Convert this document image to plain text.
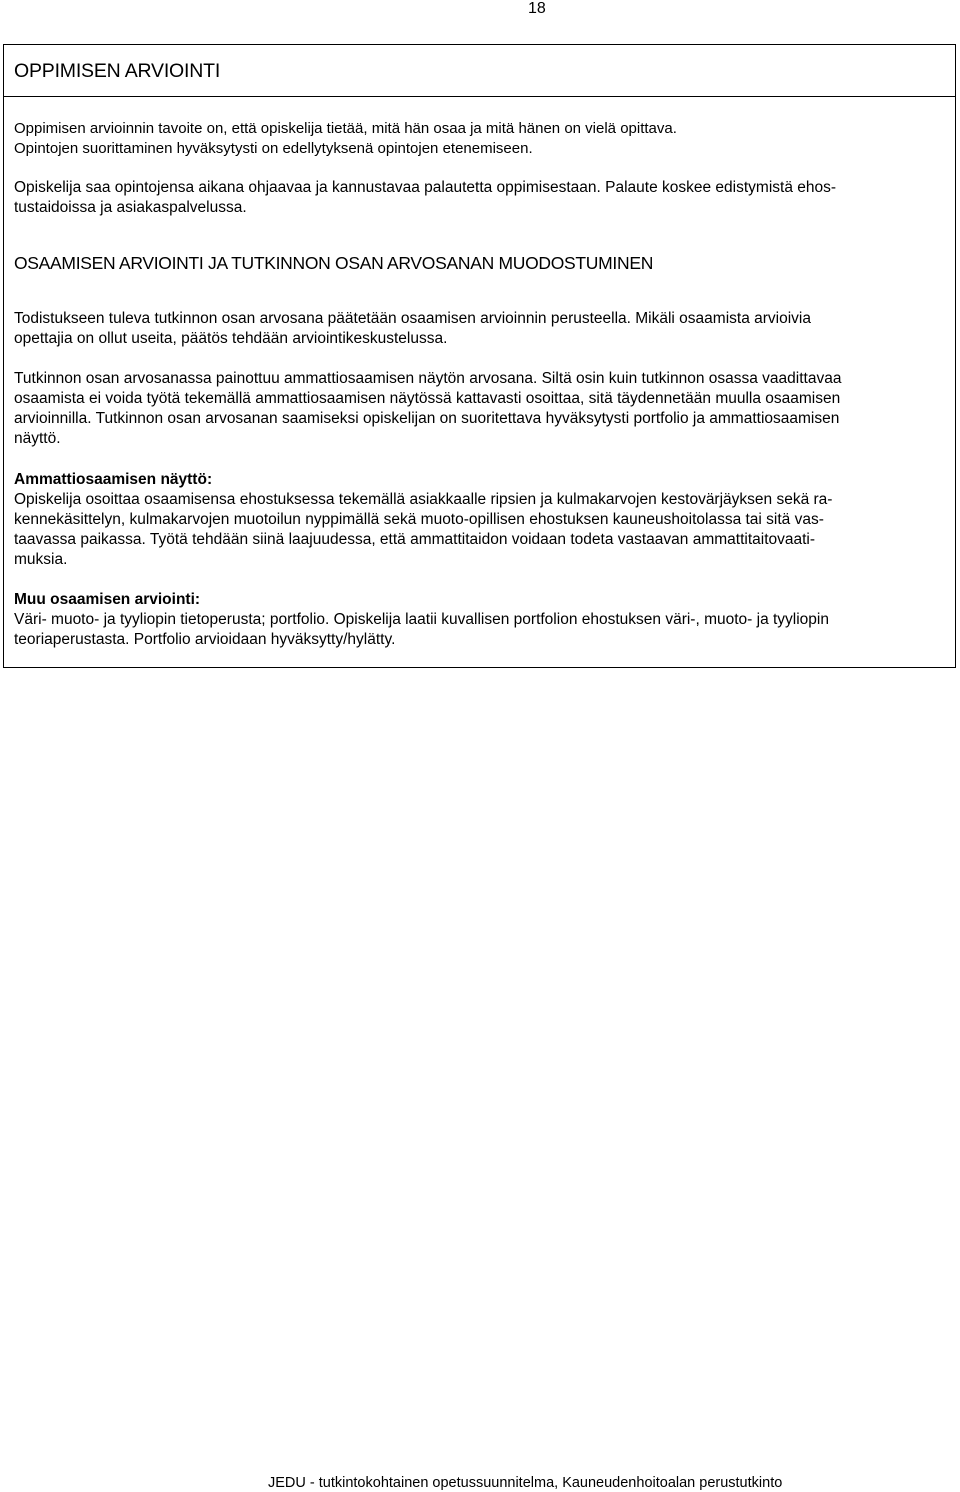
18
OPPIMISEN ARVIOINTI

Oppimisen arvioinnin tavoite on, että opiskelija tietää, mitä hän osaa ja mitä hänen on vielä opittava.
Opintojen suorittaminen hyväksytysti on edellytyksenä opintojen etenemiseen.

Opiskelija saa opintojensa aikana ohjaavaa ja kannustavaa palautetta oppimisestaan. Palaute koskee edistymistä ehos-
tustaidoissa ja asiakaspalvelussa.

OSAAMISEN ARVIOINTI JA TUTKINNON OSAN ARVOSANAN MUODOSTUMINEN

Todistukseen tuleva tutkinnon osan arvosana päätetään osaamisen arvioinnin perusteella. Mikäli osaamista arvioivia
opettajia on ollut useita, päätös tehdään arviointikeskustelussa.

Tutkinnon osan arvosanassa painottuu ammattiosaamisen näytön arvosana. Siltä osin kuin tutkinnon osassa vaadittavaa
osaamista ei voida työtä tekemällä ammattiosaamisen näytössä kattavasti osoittaa, sitä täydennetään muulla osaamisen
arvioinnilla. Tutkinnon osan arvosanan saamiseksi opiskelijan on suoritettava hyväksytysti portfolio ja ammattiosaamisen
näyttö.

Ammattiosaamisen näyttö:
Opiskelija osoittaa osaamisensa ehostuksessa tekemällä asiakkaalle ripsien ja kulmakarvojen kestovärjäyksen sekä ra-
kennekäsittelyn, kulmakarvojen muotoilun nyppimällä sekä muoto-opillisen ehostuksen kauneushoitolassa tai sitä vas-
taavassa paikassa. Työtä tehdään siinä laajuudessa, että ammattitaidon voidaan todeta vastaavan ammattitaitovaati-
muksia.
Muu osaamisen arviointi:
Väri- muoto- ja tyyliopin tietoperusta; portfolio. Opiskelija laatii kuvallisen portfolion ehostuksen väri-, muoto- ja tyyliopin
teoriaperustasta. Portfolio arvioidaan hyväksytty/hylätty.
JEDU - tutkintokohtainen opetussuunnitelma, Kauneudenhoitoalan perustutkinto
